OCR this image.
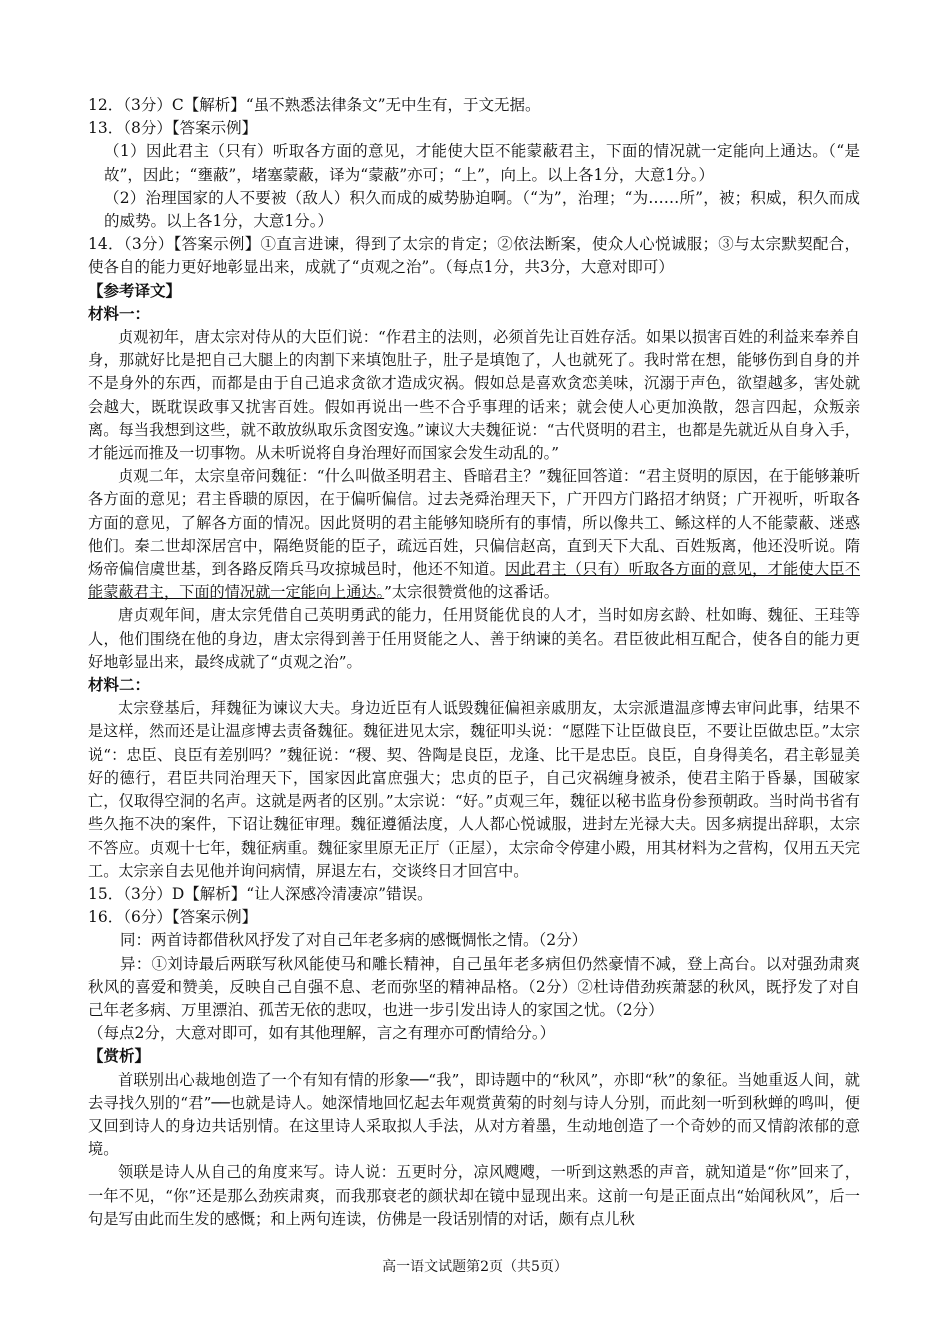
12．（3分）C【解析】“虽不熟悉法律条文”无中生有，于文无据。
13．（8分）【答案示例】
（1）因此君主（只有）听取各方面的意见，才能使大臣不能蒙蔽君主，下面的情况就一定能向上通达。（“是故”，因此；“壅蔽”，堵塞蒙蔽，译为“蒙蔽”亦可；“上”，向上。以上各1分，大意1分。）
（2）治理国家的人不要被（敌人）积久而成的威势胁迫啊。（“为”，治理；“为……所”，被；积威，积久而成的威势。以上各1分，大意1分。）
14．（3分）【答案示例】①直言进谏，得到了太宗的肯定；②依法断案，使众人心悦诚服；③与太宗默契配合，使各自的能力更好地彰显出来，成就了“贞观之治”。（每点1分，共3分，大意对即可）
【参考译文】
材料一：
贞观初年，唐太宗对侍从的大臣们说：“作君主的法则，必须首先让百姓存活。如果以损害百姓的利益来奉养自身，那就好比是把自己大腿上的肉割下来填饱肚子，肚子是填饱了，人也就死了。我时常在想，能够伤到自身的并不是身外的东西，而都是由于自己追求贪欲才造成灾祸。假如总是喜欢贪恋美味，沉溺于声色，欲望越多，害处就会越大，既耽误政事又扰害百姓。假如再说出一些不合乎事理的话来；就会使人心更加涣散，怨言四起，众叛亲离。每当我想到这些，就不敢放纵取乐贪图安逸。”谏议大夫魏征说：“古代贤明的君主，也都是先就近从自身入手，才能远而推及一切事物。从未听说将自身治理好而国家会发生动乱的。”
贞观二年，太宗皇帝问魏征：“什么叫做圣明君主、昏暗君主？”魏征回答道：“君主贤明的原因，在于能够兼听各方面的意见；君主昏聩的原因，在于偏听偏信。过去尧舜治理天下，广开四方门路招才纳贤；广开视听，听取各方面的意见，了解各方面的情况。因此贤明的君主能够知晓所有的事情，所以像共工、鲧这样的人不能蒙蔽、迷惑他们。秦二世却深居宫中，隔绝贤能的臣子，疏远百姓，只偏信赵高，直到天下大乱、百姓叛离，他还没听说。隋炀帝偏信虞世基，到各路反隋兵马攻掠城邑时，他还不知道。因此君主（只有）听取各方面的意见，才能使大臣不能蒙蔽君主，下面的情况就一定能向上通达。”太宗很赞赏他的这番话。
唐贞观年间，唐太宗凭借自己英明勇武的能力，任用贤能优良的人才，当时如房玄龄、杜如晦、魏征、王珪等人，他们围绕在他的身边，唐太宗得到善于任用贤能之人、善于纳谏的美名。君臣彼此相互配合，使各自的能力更好地彰显出来，最终成就了“贞观之治”。
材料二：
太宗登基后，拜魏征为谏议大夫。身边近臣有人诋毁魏征偏袒亲戚朋友，太宗派遣温彦博去审问此事，结果不是这样，然而还是让温彦博去责备魏征。魏征进见太宗，魏征叩头说：“愿陛下让臣做良臣，不要让臣做忠臣。”太宗说“：忠臣、良臣有差别吗？”魏征说：“稷、契、咎陶是良臣，龙逢、比干是忠臣。良臣，自身得美名，君主彰显美好的德行，君臣共同治理天下，国家因此富庶强大；忠贞的臣子，自己灾祸缠身被杀，使君主陷于昏暴，国破家亡，仅取得空洞的名声。这就是两者的区别。”太宗说：“好。”贞观三年，魏征以秘书监身份参预朝政。当时尚书省有些久拖不决的案件，下诏让魏征审理。魏征遵循法度，人人都心悦诚服，进封左光禄大夫。因多病提出辞职，太宗不答应。贞观十七年，魏征病重。魏征家里原无正厅（正屋），太宗命令停建小殿，用其材料为之营构，仅用五天完工。太宗亲自去见他并询问病情，屏退左右，交谈终日才回宫中。
15．（3分）D【解析】“让人深感冷清凄凉”错误。
16．（6分）【答案示例】
同：两首诗都借秋风抒发了对自己年老多病的感慨惆怅之情。（2分）
异：①刘诗最后两联写秋风能使马和雕长精神，自己虽年老多病但仍然豪情不减，登上高台。以对强劲肃爽秋风的喜爱和赞美，反映自己自强不息、老而弥坚的精神品格。（2分）②杜诗借劲疾萧瑟的秋风，既抒发了对自己年老多病、万里漂泊、孤苦无依的悲叹，也进一步引发出诗人的家国之忧。（2分）
（每点2分，大意对即可，如有其他理解，言之有理亦可酌情给分。）
【赏析】
首联别出心裁地创造了一个有知有情的形象──“我”，即诗题中的“秋风”，亦即“秋”的象征。当她重返人间，就去寻找久别的“君”──也就是诗人。她深情地回忆起去年观赏黄菊的时刻与诗人分别，而此刻一听到秋蝉的鸣叫，便又回到诗人的身边共话别情。在这里诗人采取拟人手法，从对方着墨，生动地创造了一个奇妙的而又情韵浓郁的意境。
领联是诗人从自己的角度来写。诗人说：五更时分，凉风飕飕，一听到这熟悉的声音，就知道是“你”回来了，一年不见，“你”还是那么劲疾肃爽，而我那衰老的颜状却在镜中显现出来。这前一句是正面点出“始闻秋风”，后一句是写由此而生发的感慨；和上两句连读，仿佛是一段话别情的对话，颇有点儿秋
高一语文试题第2页（共5页）
